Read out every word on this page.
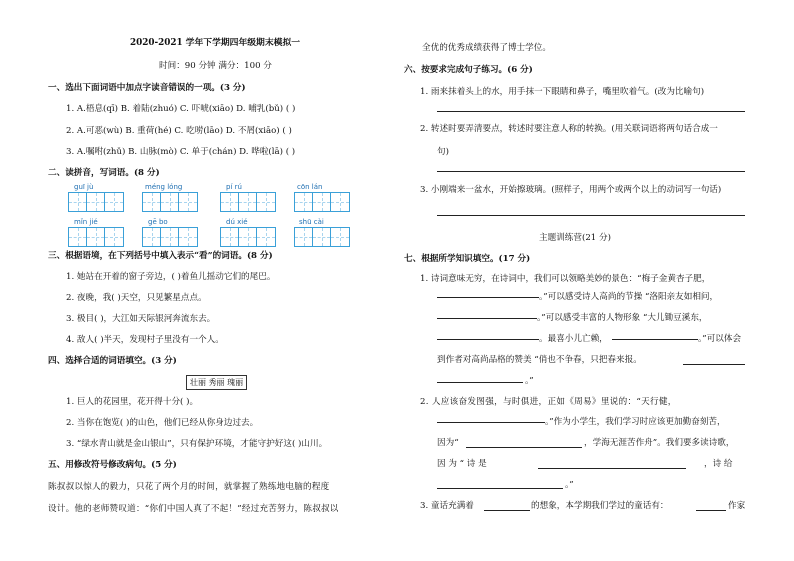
2020-2021 学年下学期四年级期末模拟一
时间：90 分钟 满分：100 分
一、选出下面词语中加点字读音错误的一项。(3 分)
1. A.梧息(qī) B. 着陆(zhuó) C. 吓唬(xiāo) D. 哺乳(bǔ) ( )
2. A.可恶(wù) B. 重荷(hé) C. 吃唠(lāo) D. 不屑(xiāo) ( )
3. A.嘱咐(zhǔ) B. 山脉(mò) C. 单于(chán) D. 哗啦(lā) ( )
二、读拼音，写词语。(8 分)
guī jù	méng lóng	pí rú	cōn lán
mǐn jié	gē bo	dú xié	shū cài
三、根据语境，在下列括号中填入表示“看”的词语。(8 分)
1. 她站在开着的窗子旁边，( )着鱼儿摇动它们的尾巴。
2. 夜晚，我( )天空，只见繁星点点。
3. 极目( )，大江如天际银河奔流东去。
4. 敌人( )半天，发现村子里没有一个人。
四、选择合适的词语填空。(3 分)
壮丽 秀丽 瑰丽
1. 巨人的花园里，花开得十分( )。
2. 当你在饱览( )的山色，他们已经从你身边过去。
3. “绿水青山就是金山银山”，只有保护环境，才能守护好这( )山川。
五、用修改符号修改病句。(5 分)
陈叔叔以惊人的毅力，只花了两个月的时间，就掌握了熟练地电脑的程度
设计。他的老师赞叹道：“你们中国人真了不起！”经过充苦努力，陈叔叔以
全优的优秀成绩获得了博士学位。
六、按要求完成句子练习。(6 分)
1. 雨来抹着头上的水，用手抹一下眼睛和鼻子，嘴里吹着气。(改为比喻句)
2. 转述时要弄清要点，转述时要注意人称的转换。(用关联词语将两句话合成一
句)
3. 小刚端来一盆水，开始擦玻璃。(照样子，用两个或两个以上的动词写一句话)
主题训练营(21 分)
七、根据所学知识填空。(17 分)
1. 诗词意味无穷，在诗词中，我们可以领略美妙的景色：“梅子金黄杏子肥，
。”可以感受诗人高尚的节操 “洛阳亲友如相问，
。”可以感受丰富的人物形象 “大儿锄豆溪东，
。最喜小儿亡赖，	。”可以体会
到作者对高尚品格的赞美 “俏也不争春，只把春来报。
。”
2. 人应该奋发图强，与时俱进，正如《周易》里说的：“天行健，
。”作为小学生，我们学习时应该更加勤奋刻苦，
因为“	，学海无涯苦作舟”。我们要多读诗歌，
因 为 “ 诗 是	，诗 给
。”
3. 童话充满着	的想象，本学期我们学过的童话有：	作家
